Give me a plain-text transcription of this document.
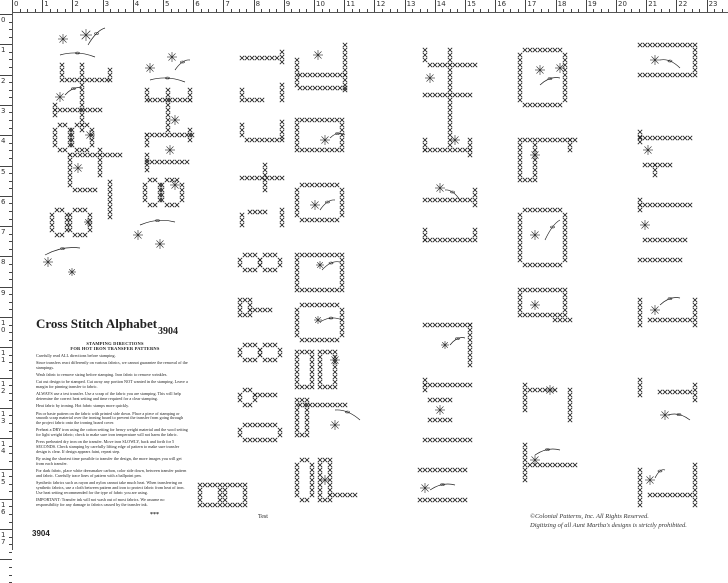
0	1	2	3	4	5	6	7	8	9	10	11	12	13	14	15	16	17	18	19	20	21	22	23
0
1
2
3
4
5
6
7
8
9
1
0
1
1
1
2
1
3
1
4
1
5
1
6
1
7
Cross Stitch Alphabet
3904
STAMPING DIRECTIONS
FOR HOT IRON TRANSFER PATTERNS

Carefully read ALL directions before stamping.

Since transfers react differently on various fabrics, we cannot guarantee the removal of the stampings.

Wash fabric to remove sizing before stamping. Iron fabric to remove wrinkles.

Cut out design to be stamped. Cut away any portion NOT wanted in the stamping. Leave a margin for pinning transfer to fabric.

ALWAYS use a test transfer. Use a scrap of the fabric you are stamping. This will help determine the correct heat setting and time required for a clear stamping.

Heat fabric by ironing. Hot fabric stamps more quickly.

Pin or baste pattern on the fabric with printed side down. Place a piece of stamping or smooth scrap material over the ironing board to prevent the transfer from going through the project fabric onto the ironing board cover.

Preheat a DRY iron using the cotton setting for heavy weight material and the wool setting for light weight fabric; check to make sure iron temperature will not harm the fabric.

Press preheated dry iron on the transfer. Move iron SLOWLY, back and forth for 5 SECONDS. Check stamping by carefully lifting edge of pattern to make sure transfer design is clear. If design appears faint, repeat step.

By using the shortest time possible to transfer the design, the more images you will get from each transfer.

For dark fabric, place white dressmaker carbon, color side down, between transfer pattern and fabric. Carefully trace lines of pattern with a ballpoint pen.

Synthetic fabrics such as rayon and nylon cannot take much heat. When transferring on synthetic fabrics, use a cloth between pattern and iron to protect fabric from heat of iron. Use heat setting recommended for the type of fabric you are using.

IMPORTANT: Transfer ink will not wash out of most fabrics. We assume no responsibility for any damage to fabrics caused by the transfer ink.

***
3904
Test	©Colonial Patterns, Inc. All Rights Reserved.
Digitizing of all Aunt Martha's designs is strictly prohibited.
